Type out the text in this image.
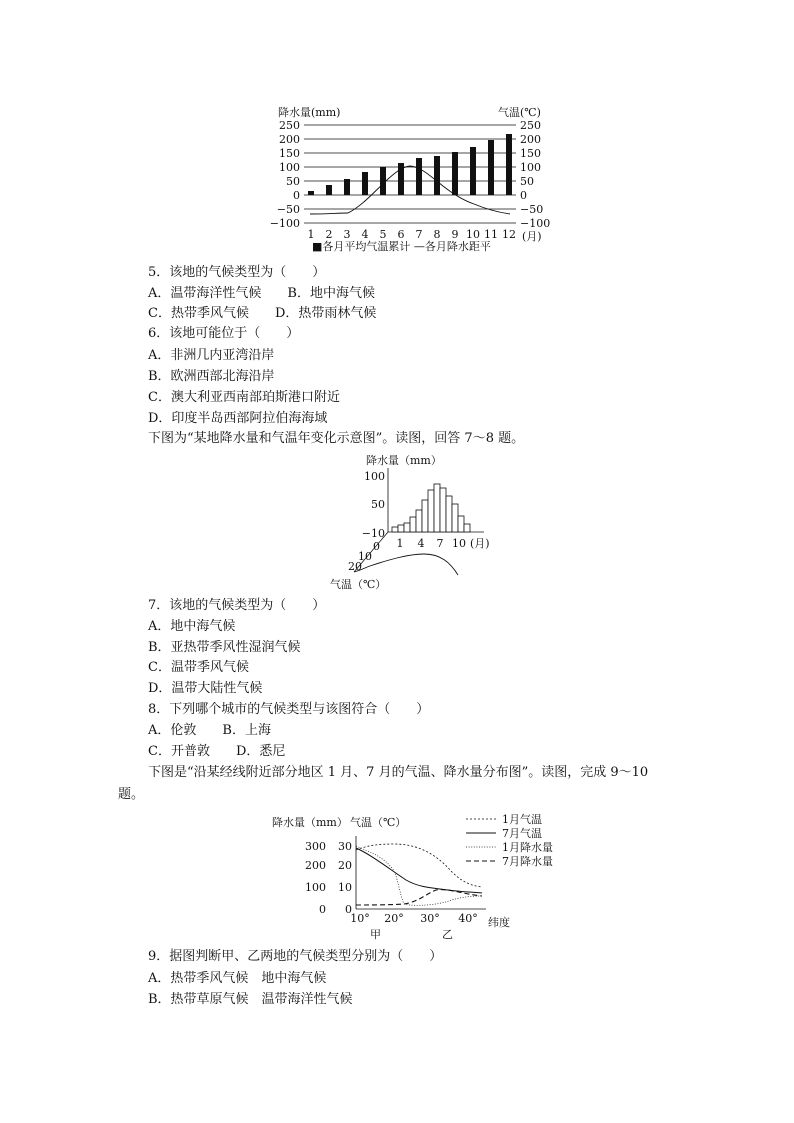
降水量(mm)	气温(℃)
250
200
150
100
50
0
−50
−100
250
200
150
100
50
0
−50
−100
1 2 3 4 5 6 7 8 9 10 11 12 (月)
■各月平均气温累计 —各月降水距平
5．该地的气候类型为（　　）
A．温带海洋性气候　　B．地中海气候
C．热带季风气候　　D．热带雨林气候
6．该地可能位于（　　）
A．非洲几内亚湾沿岸
B．欧洲西部北海沿岸
C．澳大利亚西南部珀斯港口附近
D．印度半岛西部阿拉伯海海域
下图为“某地降水量和气温年变化示意图”。读图，回答 7～8 题。
降水量（mm）
100
50
−10
1 4 7 10 (月)
0
10
20
气温（℃）
7．该地的气候类型为（　　）
A．地中海气候
B．亚热带季风性湿润气候
C．温带季风气候
D．温带大陆性气候
8．下列哪个城市的气候类型与该图符合（　　）
A．伦敦　　B．上海
C．开普敦　　D．悉尼
下图是“沿某经线附近部分地区 1 月、7 月的气温、降水量分布图”。读图，完成 9～10
题。
降水量（mm） 气温（℃）
300
200
100
0
30
20
10
0
10° 20° 30° 40° 纬度
甲	乙
1月气温
7月气温
1月降水量
7月降水量
9．据图判断甲、乙两地的气候类型分别为（　　）
A．热带季风气候　地中海气候
B．热带草原气候　温带海洋性气候
